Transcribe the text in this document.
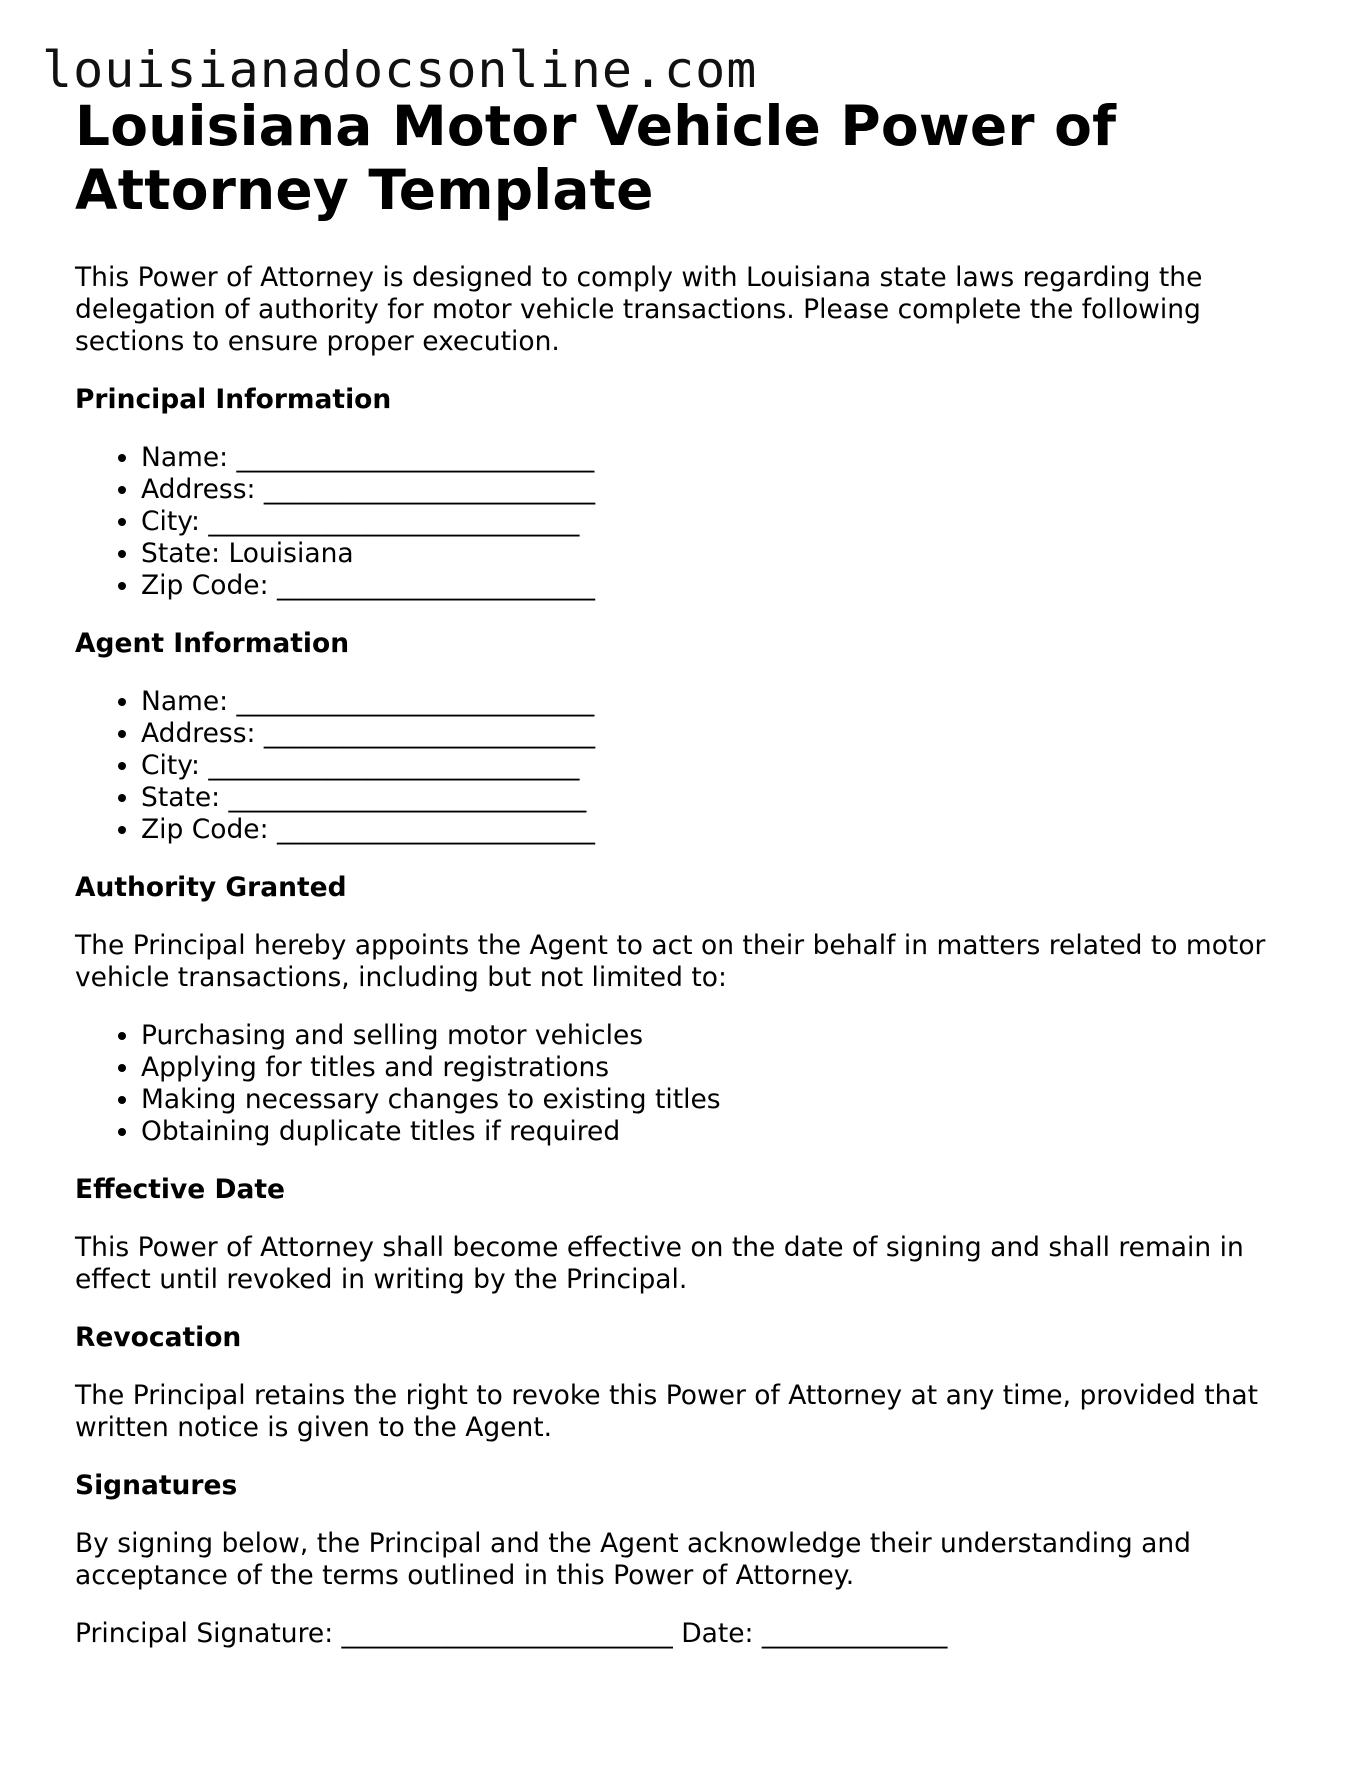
louisianadocsonline.com
Louisiana Motor Vehicle Power of Attorney Template

This Power of Attorney is designed to comply with Louisiana state laws regarding the delegation of authority for motor vehicle transactions. Please complete the following sections to ensure proper execution.

Principal Information
• Name: ___________________________
• Address: _________________________
• City: ____________________________
• State: Louisiana
• Zip Code: ________________________
Agent Information
• Name: ___________________________
• Address: _________________________
• City: ____________________________
• State: ___________________________
• Zip Code: ________________________
Authority Granted

The Principal hereby appoints the Agent to act on their behalf in matters related to motor vehicle transactions, including but not limited to:

• Purchasing and selling motor vehicles
• Applying for titles and registrations
• Making necessary changes to existing titles
• Obtaining duplicate titles if required
Effective Date

This Power of Attorney shall become effective on the date of signing and shall remain in effect until revoked in writing by the Principal.

Revocation

The Principal retains the right to revoke this Power of Attorney at any time, provided that written notice is given to the Agent.

Signatures

By signing below, the Principal and the Agent acknowledge their understanding and acceptance of the terms outlined in this Power of Attorney.

Principal Signature: _________________________ Date: ______________
